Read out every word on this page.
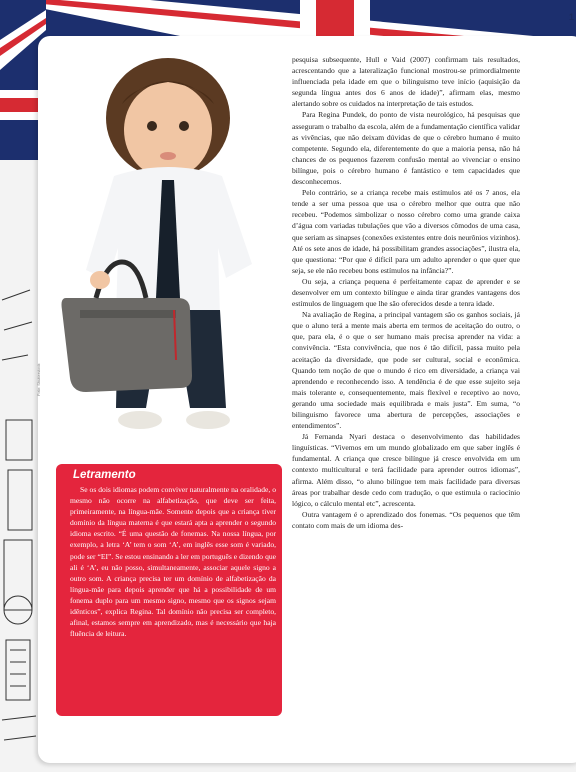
1
Foto: Shutterstock
Letramento

Se os dois idiomas podem conviver naturalmente na oralidade, o mesmo não ocorre na alfabetização, que deve ser feita, primeiramente, na língua-mãe. Somente depois que a criança tiver domínio da língua materna é que estará apta a aprender o segundo idioma escrito. “É uma questão de fonemas. Na nossa língua, por exemplo, a letra ‘A’ tem o som ‘A’, em inglês esse som é variado, pode ser “EI”. Se estou ensinando a ler em português e dizendo que ali é ‘A’, eu não posso, simultaneamente, associar aquele signo a outro som. A criança precisa ter um domínio de alfabetização da língua-mãe para depois aprender que há a possibilidade de um fonema duplo para um mesmo signo, mesmo que os signos sejam idênticos”, explica Regina. Tal domínio não precisa ser completo, afinal, estamos sempre em aprendizado, mas é necessário que haja fluência de leitura.

pesquisa subsequente, Hull e Vaid (2007) confirmam tais resultados, acrescentando que a lateralização funcional mostrou-se primordialmente influenciada pela idade em que o bilinguismo teve início (aquisição da segunda língua antes dos 6 anos de idade)”, afirmam elas, mesmo alertando sobre os cuidados na interpretação de tais estudos.

Para Regina Pundek, do ponto de vista neurológico, há pesquisas que asseguram o trabalho da escola, além de a fundamentação científica validar as vivências, que não deixam dúvidas de que o cérebro humano é muito competente. Segundo ela, diferentemente do que a maioria pensa, não há chances de os pequenos fazerem confusão mental ao vivenciar o ensino bilíngue, pois o cérebro humano é fantástico e tem capacidades que desconhecemos.

Pelo contrário, se a criança recebe mais estímulos até os 7 anos, ela tende a ser uma pessoa que usa o cérebro melhor que outra que não recebeu. “Podemos simbolizar o nosso cérebro como uma grande caixa d’água com variadas tubulações que vão a diversos cômodos de uma casa, que seriam as sinapses (conexões existentes entre dois neurônios vizinhos). Até os sete anos de idade, há possibilitam grandes associações”, ilustra ela, que questiona: “Por que é difícil para um adulto aprender o que quer que seja, se ele não recebeu bons estímulos na infância?”.

Ou seja, a criança pequena é perfeitamente capaz de aprender e se desenvolver em um contexto bilíngue e ainda tirar grandes vantagens dos estímulos de linguagem que lhe são oferecidos desde a tenra idade.

Na avaliação de Regina, a principal vantagem são os ganhos sociais, já que o aluno terá a mente mais aberta em termos de aceitação do outro, o que, para ela, é o que o ser humano mais precisa aprender na vida: a convivência. “Esta convivência, que nos é tão difícil, passa muito pela aceitação da diversidade, que pode ser cultural, social e econômica. Quando tem noção de que o mundo é rico em diversidade, a criança vai aprendendo e reconhecendo isso. A tendência é de que esse sujeito seja mais tolerante e, consequentemente, mais flexível e receptivo ao novo, gerando uma sociedade mais equilibrada e mais justa”. Em suma, “o bilinguismo favorece uma abertura de percepções, associações e entendimentos”.

Já Fernanda Nyari destaca o desenvolvimento das habilidades linguísticas. “Vivemos em um mundo globalizado em que saber inglês é fundamental. A criança que cresce bilíngue já cresce envolvida em um contexto multicultural e terá facilidade para aprender outros idiomas”, afirma. Além disso, “o aluno bilíngue tem mais facilidade para diversas áreas por trabalhar desde cedo com tradução, o que estimula o raciocínio lógico, o cálculo mental etc”, acrescenta.

Outra vantagem é o aprendizado dos fonemas. “Os pequenos que têm contato com mais de um idioma des-
